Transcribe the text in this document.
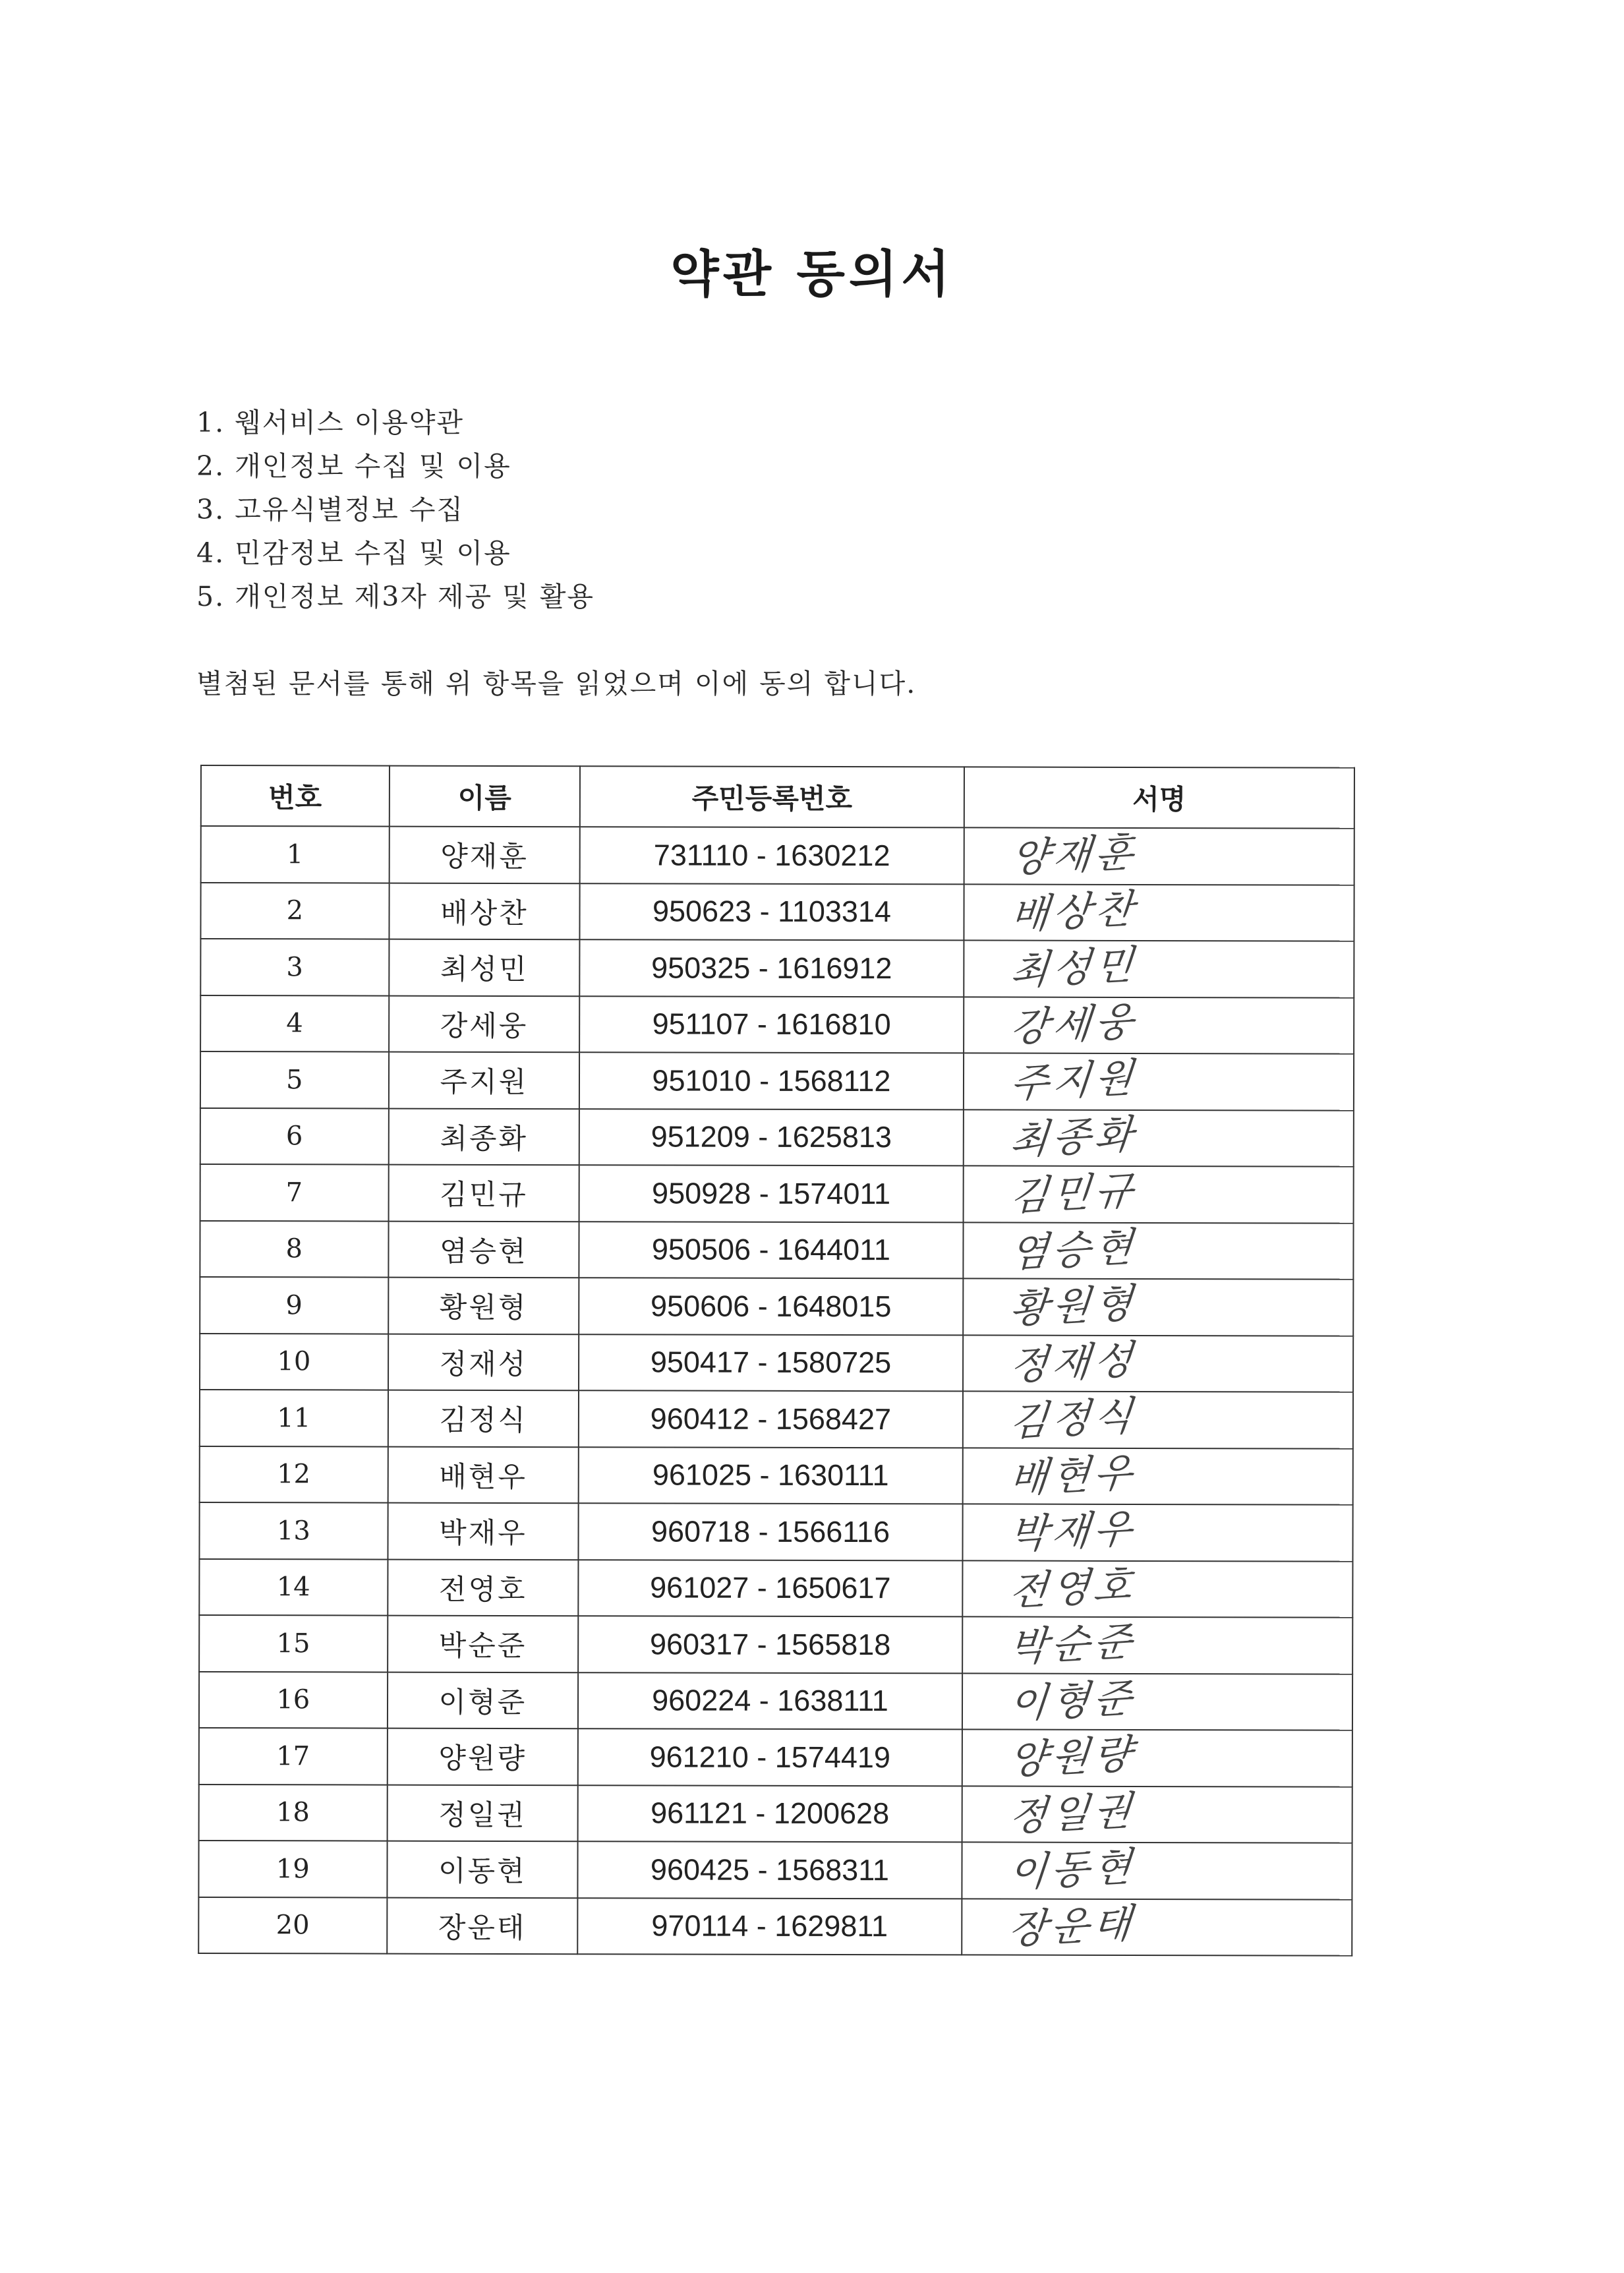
약관 동의서
1. 웹서비스 이용약관
2. 개인정보 수집 및 이용
3. 고유식별정보 수집
4. 민감정보 수집 및 이용
5. 개인정보 제3자 제공 및 활용
별첨된 문서를 통해 위 항목을 읽었으며 이에 동의 합니다.
번호	이름	주민등록번호	서명
1	양재훈	731110 - 1630212	양재훈
2	배상찬	950623 - 1103314	배상찬
3	최성민	950325 - 1616912	최성민
4	강세웅	951107 - 1616810	강세웅
5	주지원	951010 - 1568112	주지원
6	최종화	951209 - 1625813	최종화
7	김민규	950928 - 1574011	김민규
8	염승현	950506 - 1644011	염승현
9	황원형	950606 - 1648015	황원형
10	정재성	950417 - 1580725	정재성
11	김정식	960412 - 1568427	김정식
12	배현우	961025 - 1630111	배현우
13	박재우	960718 - 1566116	박재우
14	전영호	961027 - 1650617	전영호
15	박순준	960317 - 1565818	박순준
16	이형준	960224 - 1638111	이형준
17	양원량	961210 - 1574419	양원량
18	정일권	961121 - 1200628	정일권
19	이동현	960425 - 1568311	이동현
20	장운태	970114 - 1629811	장운태
